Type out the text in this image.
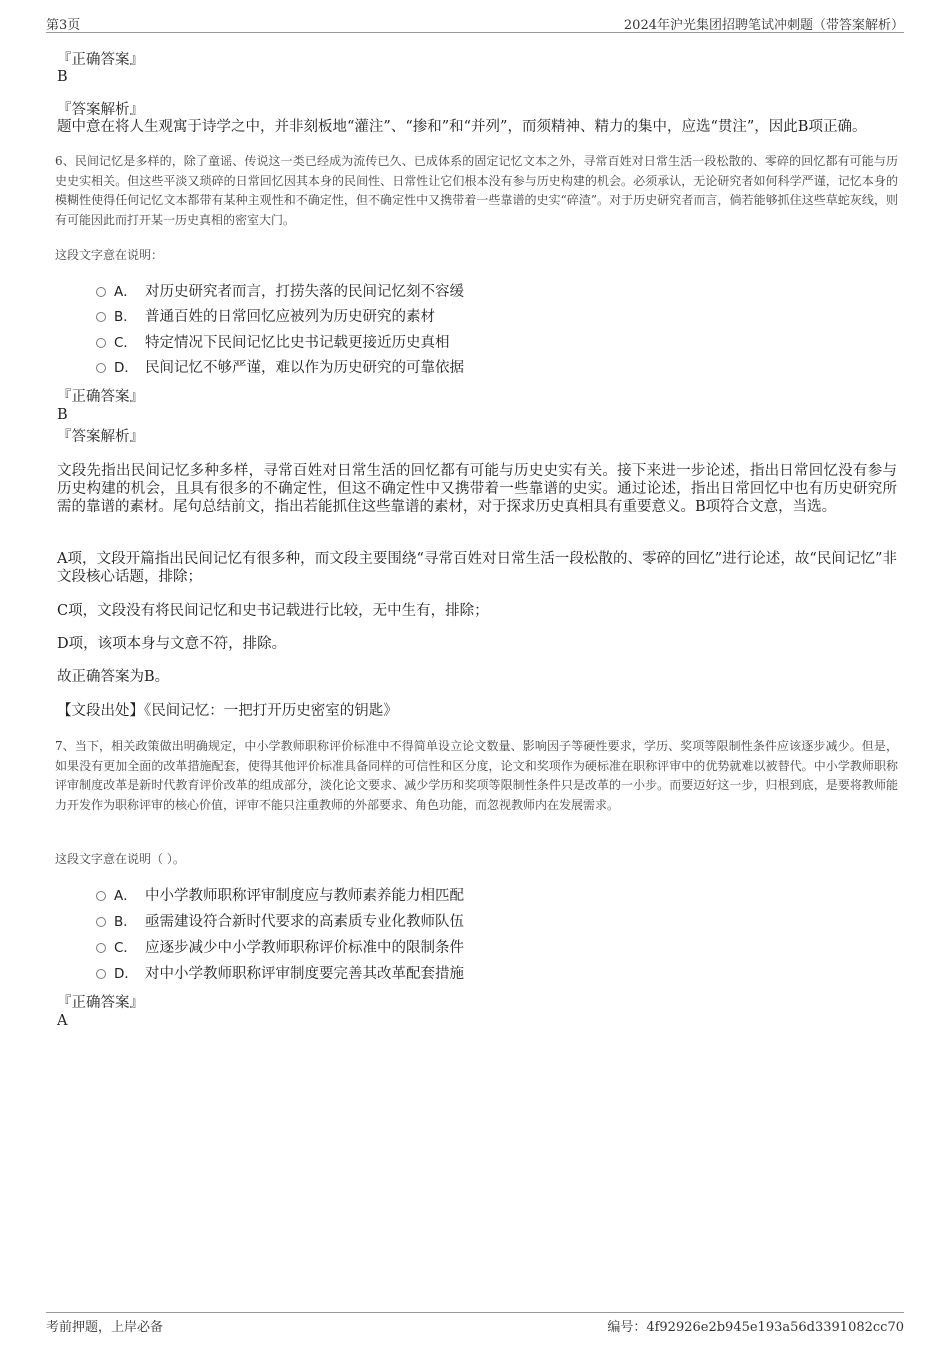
第3页	2024年沪光集团招聘笔试冲刺题（带答案解析）
『正确答案』
B
『答案解析』
题中意在将人生观寓于诗学之中，并非刻板地“灌注”、“掺和”和“并列”，而须精神、精力的集中，应选“贯注”，因此B项正确。
6、民间记忆是多样的，除了童谣、传说这一类已经成为流传已久、已成体系的固定记忆文本之外，寻常百姓对日常生活一段松散的、零碎的回忆都有可能与历史史实相关。但这些平淡又琐碎的日常回忆因其本身的民间性、日常性让它们根本没有参与历史构建的机会。必须承认，无论研究者如何科学严谨，记忆本身的模糊性使得任何记忆文本都带有某种主观性和不确定性，但不确定性中又携带着一些靠谱的史实“碎渣”。对于历史研究者而言，倘若能够抓住这些草蛇灰线，则有可能因此而打开某一历史真相的密室大门。
这段文字意在说明：
A． 对历史研究者而言，打捞失落的民间记忆刻不容缓
B． 普通百姓的日常回忆应被列为历史研究的素材
C． 特定情况下民间记忆比史书记载更接近历史真相
D． 民间记忆不够严谨，难以作为历史研究的可靠依据
『正确答案』
B
『答案解析』
文段先指出民间记忆多种多样，寻常百姓对日常生活的回忆都有可能与历史史实有关。接下来进一步论述，指出日常回忆没有参与历史构建的机会，且具有很多的不确定性，但这不确定性中又携带着一些靠谱的史实。通过论述，指出日常回忆中也有历史研究所需的靠谱的素材。尾句总结前文，指出若能抓住这些靠谱的素材，对于探求历史真相具有重要意义。B项符合文意，当选。
A项，文段开篇指出民间记忆有很多种，而文段主要围绕“寻常百姓对日常生活一段松散的、零碎的回忆”进行论述，故“民间记忆”非文段核心话题，排除；
C项，文段没有将民间记忆和史书记载进行比较，无中生有，排除；
D项，该项本身与文意不符，排除。
故正确答案为B。
【文段出处】《民间记忆：一把打开历史密室的钥匙》
7、当下，相关政策做出明确规定，中小学教师职称评价标准中不得简单设立论文数量、影响因子等硬性要求，学历、奖项等限制性条件应该逐步减少。但是，如果没有更加全面的改革措施配套，使得其他评价标准具备同样的可信性和区分度，论文和奖项作为硬标准在职称评审中的优势就难以被替代。中小学教师职称评审制度改革是新时代教育评价改革的组成部分，淡化论文要求、减少学历和奖项等限制性条件只是改革的一小步。而要迈好这一步，归根到底，是要将教师能力开发作为职称评审的核心价值，评审不能只注重教师的外部要求、角色功能，而忽视教师内在发展需求。
这段文字意在说明（ ）。
A． 中小学教师职称评审制度应与教师素养能力相匹配
B． 亟需建设符合新时代要求的高素质专业化教师队伍
C． 应逐步减少中小学教师职称评价标准中的限制条件
D． 对中小学教师职称评审制度要完善其改革配套措施
『正确答案』
A
考前押题，上岸必备	编号：4f92926e2b945e193a56d3391082cc70
